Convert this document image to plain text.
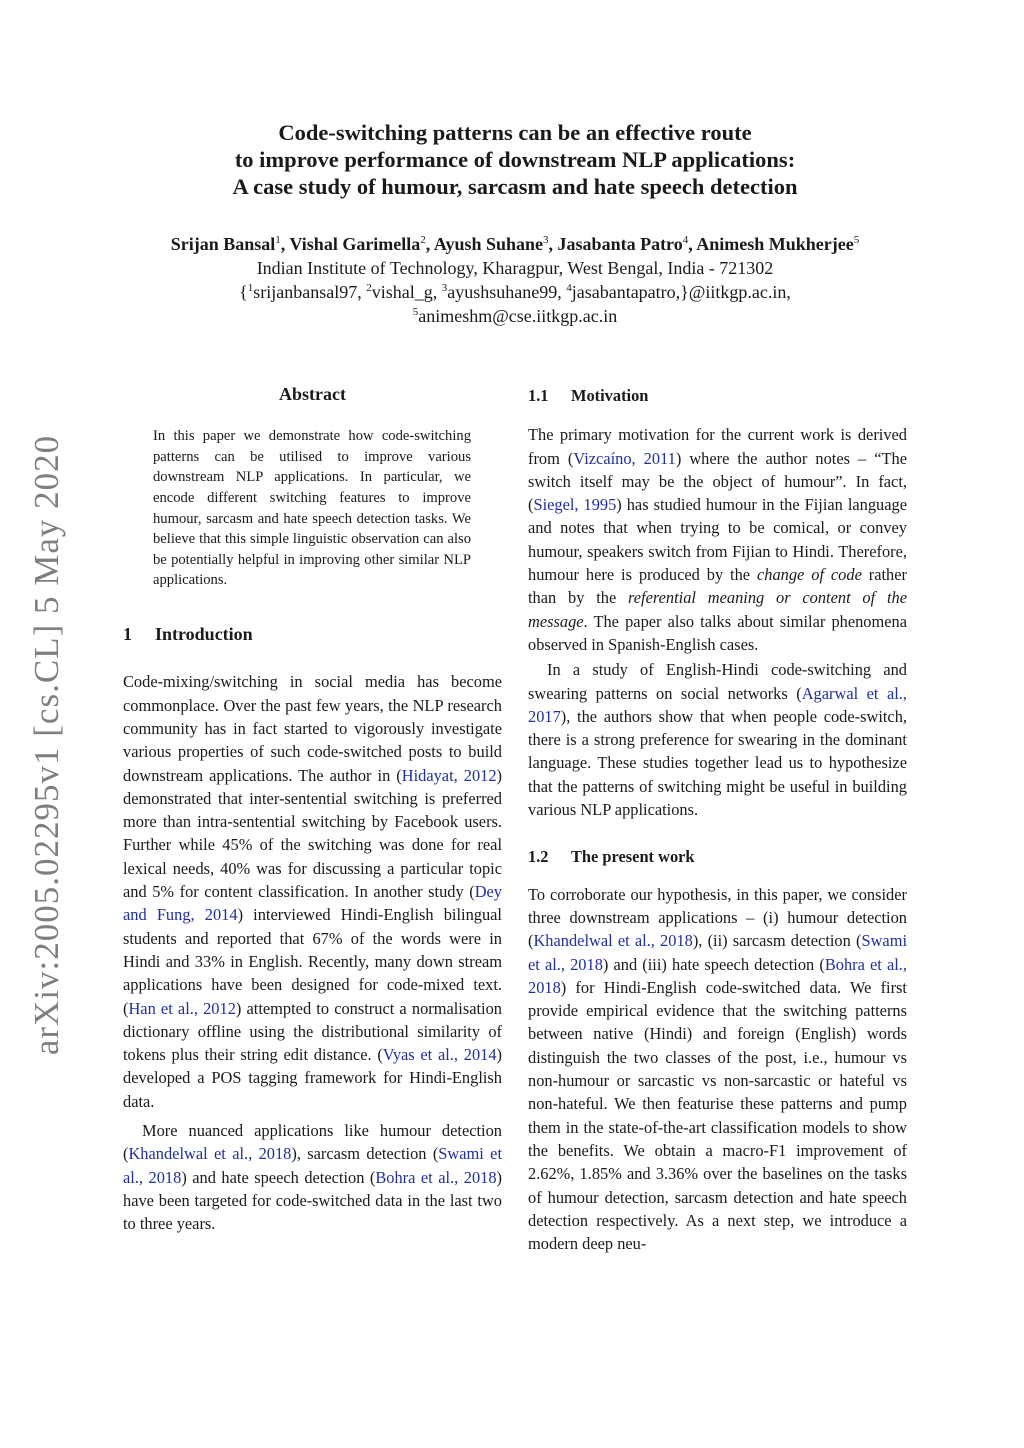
arXiv:2005.02295v1 [cs.CL] 5 May 2020
Code-switching patterns can be an effective route
to improve performance of downstream NLP applications:
A case study of humour, sarcasm and hate speech detection
Srijan Bansal$^1$, Vishal Garimella$^2$, Ayush Suhane$^3$, Jasabanta Patro$^4$, Animesh Mukherjee$^5$
Indian Institute of Technology, Kharagpur, West Bengal, India - 721302
{$^1$srijanbansal97, $^2$vishal_g, $^3$ayushsuhane99, $^4$jasabantapatro,}@iitkgp.ac.in,
$^5$animeshm@cse.iitkgp.ac.in
Abstract
In this paper we demonstrate how code-switching patterns can be utilised to improve various downstream NLP applications. In particular, we encode different switching features to improve humour, sarcasm and hate speech detection tasks. We believe that this simple linguistic observation can also be potentially helpful in improving other similar NLP applications.
1 Introduction

Code-mixing/switching in social media has become commonplace. Over the past few years, the NLP research community has in fact started to vigorously investigate various properties of such code-switched posts to build downstream applications. The author in (Hidayat, 2012) demonstrated that inter-sentential switching is preferred more than intra-sentential switching by Facebook users. Further while 45% of the switching was done for real lexical needs, 40% was for discussing a particular topic and 5% for content classification. In another study (Dey and Fung, 2014) interviewed Hindi-English bilingual students and reported that 67% of the words were in Hindi and 33% in English. Recently, many down stream applications have been designed for code-mixed text. (Han et al., 2012) attempted to construct a normalisation dictionary offline using the distributional similarity of tokens plus their string edit distance. (Vyas et al., 2014) developed a POS tagging framework for Hindi-English data.

More nuanced applications like humour detection (Khandelwal et al., 2018), sarcasm detection (Swami et al., 2018) and hate speech detection (Bohra et al., 2018) have been targeted for code-switched data in the last two to three years.

1.1 Motivation

The primary motivation for the current work is derived from (Vizcaíno, 2011) where the author notes – “The switch itself may be the object of humour”. In fact, (Siegel, 1995) has studied humour in the Fijian language and notes that when trying to be comical, or convey humour, speakers switch from Fijian to Hindi. Therefore, humour here is produced by the change of code rather than by the referential meaning or content of the message. The paper also talks about similar phenomena observed in Spanish-English cases.

In a study of English-Hindi code-switching and swearing patterns on social networks (Agarwal et al., 2017), the authors show that when people code-switch, there is a strong preference for swearing in the dominant language. These studies together lead us to hypothesize that the patterns of switching might be useful in building various NLP applications.

1.2 The present work

To corroborate our hypothesis, in this paper, we consider three downstream applications – (i) humour detection (Khandelwal et al., 2018), (ii) sarcasm detection (Swami et al., 2018) and (iii) hate speech detection (Bohra et al., 2018) for Hindi-English code-switched data. We first provide empirical evidence that the switching patterns between native (Hindi) and foreign (English) words distinguish the two classes of the post, i.e., humour vs non-humour or sarcastic vs non-sarcastic or hateful vs non-hateful. We then featurise these patterns and pump them in the state-of-the-art classification models to show the benefits. We obtain a macro-F1 improvement of 2.62%, 1.85% and 3.36% over the baselines on the tasks of humour detection, sarcasm detection and hate speech detection respectively. As a next step, we introduce a modern deep neu-
